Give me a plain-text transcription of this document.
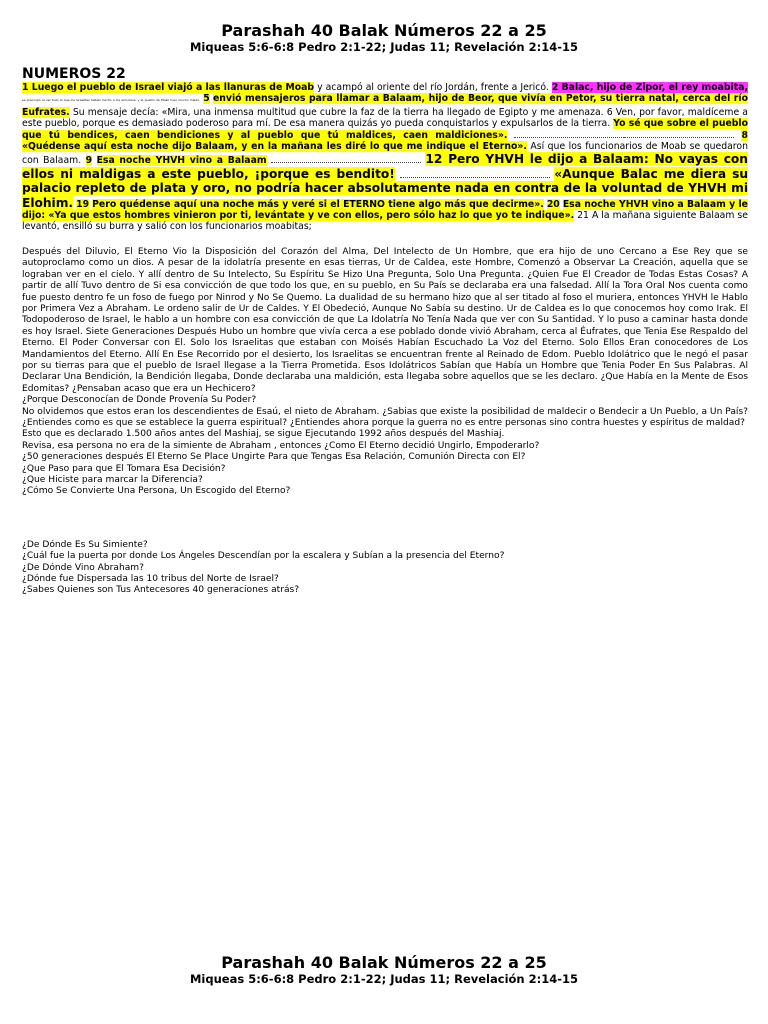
Parashah 40 Balak Números 22 a 25
Miqueas 5:6-6:8 Pedro 2:1-22; Judas 11; Revelación 2:14-15
NUMEROS 22

1 Luego el pueblo de Israel viajó a las llanuras de Moab y acampó al oriente del río Jordán, frente a Jericó. 2 Balac, hijo de Zipor, el rey moabita, se preocupó al ver todo lo que los israelitas habían hecho a los amorreos, y el pueblo de Moab tuvo mucho miedo. 5 envió mensajeros para llamar a Balaam, hijo de Beor, que vivía en Petor, su tierra natal, cerca del río Eufrates. Su mensaje decía: «Mira, una inmensa multitud que cubre la faz de la tierra ha llegado de Egipto y me amenaza. 6 Ven, por favor, maldíceme a este pueblo, porque es demasiado poderoso para mí. De esa manera quizás yo pueda conquistarlos y expulsarlos de la tierra. Yo sé que sobre el pueblo que tú bendices, caen bendiciones y al pueblo que tú maldices, caen maldiciones».	8 «Quédense aquí esta noche dijo Balaam, y en la mañana les diré lo que me indique el Eterno». Así que los funcionarios de Moab se quedaron con Balaam. 9 Esa noche YHVH vino a Balaam	12 Pero YHVH le dijo a Balaam: No vayas con ellos ni maldigas a este pueblo, ¡porque es bendito!	«Aunque Balac me diera su palacio repleto de plata y oro, no podría hacer absolutamente nada en contra de la voluntad de YHVH mi Elohim. 19 Pero quédense aquí una noche más y veré si el ETERNO tiene algo más que decirme». 20 Esa noche YHVH vino a Balaam y le dijo: «Ya que estos hombres vinieron por ti, levántate y ve con ellos, pero sólo haz lo que yo te indique». 21 A la mañana siguiente Balaam se levantó, ensilló su burra y salió con los funcionarios moabitas;

Después del Diluvio, El Eterno Vio la Disposición del Corazón del Alma, Del Intelecto de Un Hombre, que era hijo de uno Cercano a Ese Rey que se autoproclamo como un dios. A pesar de la idolatría presente en esas tierras, Ur de Caldea, este Hombre, Comenzó a Observar La Creación, aquella que se lograban ver en el cielo. Y allí dentro de Su Intelecto, Su Espíritu Se Hizo Una Pregunta, Solo Una Pregunta. ¿Quien Fue El Creador de Todas Estas Cosas? A partir de allí Tuvo dentro de Si esa convicción de que todo los que, en su pueblo, en Su País se declaraba era una falsedad. Allí la Tora Oral Nos cuenta como fue puesto dentro fe un foso de fuego por Ninrod y No Se Quemo. La dualidad de su hermano hizo que al ser titado al foso el muriera, entonces YHVH le Hablo por Primera Vez a Abraham. Le ordeno salir de Ur de Caldes. Y El Obedeció, Aunque No Sabía su destino. Ur de Caldea es lo que conocemos hoy como Irak. El Todopoderoso de Israel, le hablo a un hombre con esa convicción de que La Idolatría No Tenía Nada que ver con Su Santidad. Y lo puso a caminar hasta donde es hoy Israel. Siete Generaciones Después Hubo un hombre que vivía cerca a ese poblado donde vivió Abraham, cerca al Éufrates, que Tenia Ese Respaldo del Eterno. El Poder Conversar con El. Solo los Israelitas que estaban con Moisés Habían Escuchado La Voz del Eterno. Solo Ellos Eran conocedores de Los Mandamientos del Eterno. Allí En Ese Recorrido por el desierto, los Israelitas se encuentran frente al Reinado de Edom. Pueblo Idolátrico que le negó el pasar por su tierras para que el pueblo de Israel llegase a la Tierra Prometida. Esos Idolátricos Sabían que Había un Hombre que Tenia Poder En Sus Palabras. Al Declarar Una Bendición, la Bendición llegaba, Donde declaraba una maldición, esta llegaba sobre aquellos que se les declaro. ¿Que Había en la Mente de Esos Edomitas? ¿Pensaban acaso que era un Hechicero?

¿Porque Desconocían de Donde Provenía Su Poder?

No olvidemos que estos eran los descendientes de Esaú, el nieto de Abraham. ¿Sabias que existe la posibilidad de maldecir o Bendecir a Un Pueblo, a Un País?

¿Entiendes como es que se establece la guerra espiritual? ¿Entiendes ahora porque la guerra no es entre personas sino contra huestes y espíritus de maldad? Esto que es declarado 1.500 años antes del Mashiaj, se sigue Ejecutando 1992 años después del Mashiaj.

Revisa, esa persona no era de la simiente de Abraham , entonces ¿Como El Eterno decidió Ungirlo, Empoderarlo?

¿50 generaciones después El Eterno Se Place Ungirte Para que Tengas Esa Relación, Comunión Directa con El?

¿Que Paso para que El Tomara Esa Decisión?

¿Que Hiciste para marcar la Diferencia?

¿Cómo Se Convierte Una Persona, Un Escogido del Eterno?

¿De Dónde Es Su Simiente?

¿Cuál fue la puerta por donde Los Ángeles Descendían por la escalera y Subían a la presencia del Eterno?

¿De Dónde Vino Abraham?

¿Dónde fue Dispersada las 10 tribus del Norte de Israel?

¿Sabes Quienes son Tus Antecesores 40 generaciones atrás?

Parashah 40 Balak Números 22 a 25
Miqueas 5:6-6:8 Pedro 2:1-22; Judas 11; Revelación 2:14-15
